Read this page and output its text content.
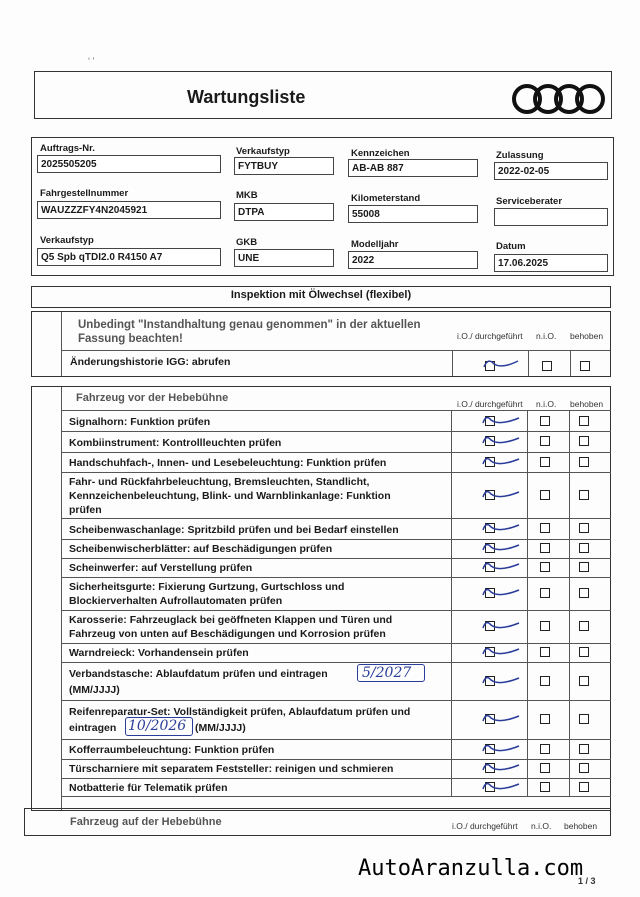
‘ ’
Wartungsliste
Auftrags-Nr.
2025505205
Verkaufstyp
FYTBUY
Kennzeichen
AB-AB 887
Zulassung
2022-02-05
Fahrgestellnummer
WAUZZZFY4N2045921
MKB
DTPA
Kilometerstand
55008
Serviceberater
Verkaufstyp
Q5 Spb qTDI2.0 R4150 A7
GKB
UNE
Modelljahr
2022
Datum
17.06.2025
Inspektion mit Ölwechsel (flexibel)
Unbedingt "Instandhaltung genau genommen" in der aktuellen
Fassung beachten!
Änderungshistorie IGG: abrufen
i.O./ durchgeführt n.i.O. behoben
Fahrzeug vor der Hebebühne	i.O./ durchgeführt n.i.O. behoben
Signalhorn: Funktion prüfen
Kombiinstrument: Kontrollleuchten prüfen
Handschuhfach-, Innen- und Lesebeleuchtung: Funktion prüfen
Fahr- und Rückfahrbeleuchtung, Bremsleuchten, Standlicht,
Kennzeichenbeleuchtung, Blink- und Warnblinkanlage: Funktion
prüfen
Scheibenwaschanlage: Spritzbild prüfen und bei Bedarf einstellen
Scheibenwischerblätter: auf Beschädigungen prüfen
Scheinwerfer: auf Verstellung prüfen
Sicherheitsgurte: Fixierung Gurtzung, Gurtschloss und
Blockierverhalten Aufrollautomaten prüfen
Karosserie: Fahrzeuglack bei geöffneten Klappen und Türen und
Fahrzeug von unten auf Beschädigungen und Korrosion prüfen
Warndreieck: Vorhandensein prüfen
Verbandstasche: Ablaufdatum prüfen und eintragen
(MM/JJJJ)
5/2027
Reifenreparatur-Set: Vollständigkeit prüfen, Ablaufdatum prüfen und
eintragen 10/2026 (MM/JJJJ)
Kofferraumbeleuchtung: Funktion prüfen
Türscharniere mit separatem Feststeller: reinigen und schmieren
Notbatterie für Telematik prüfen
Fahrzeug auf der Hebebühne	i.O./ durchgeführt n.i.O. behoben
AutoAranzulla.com
1 / 3
